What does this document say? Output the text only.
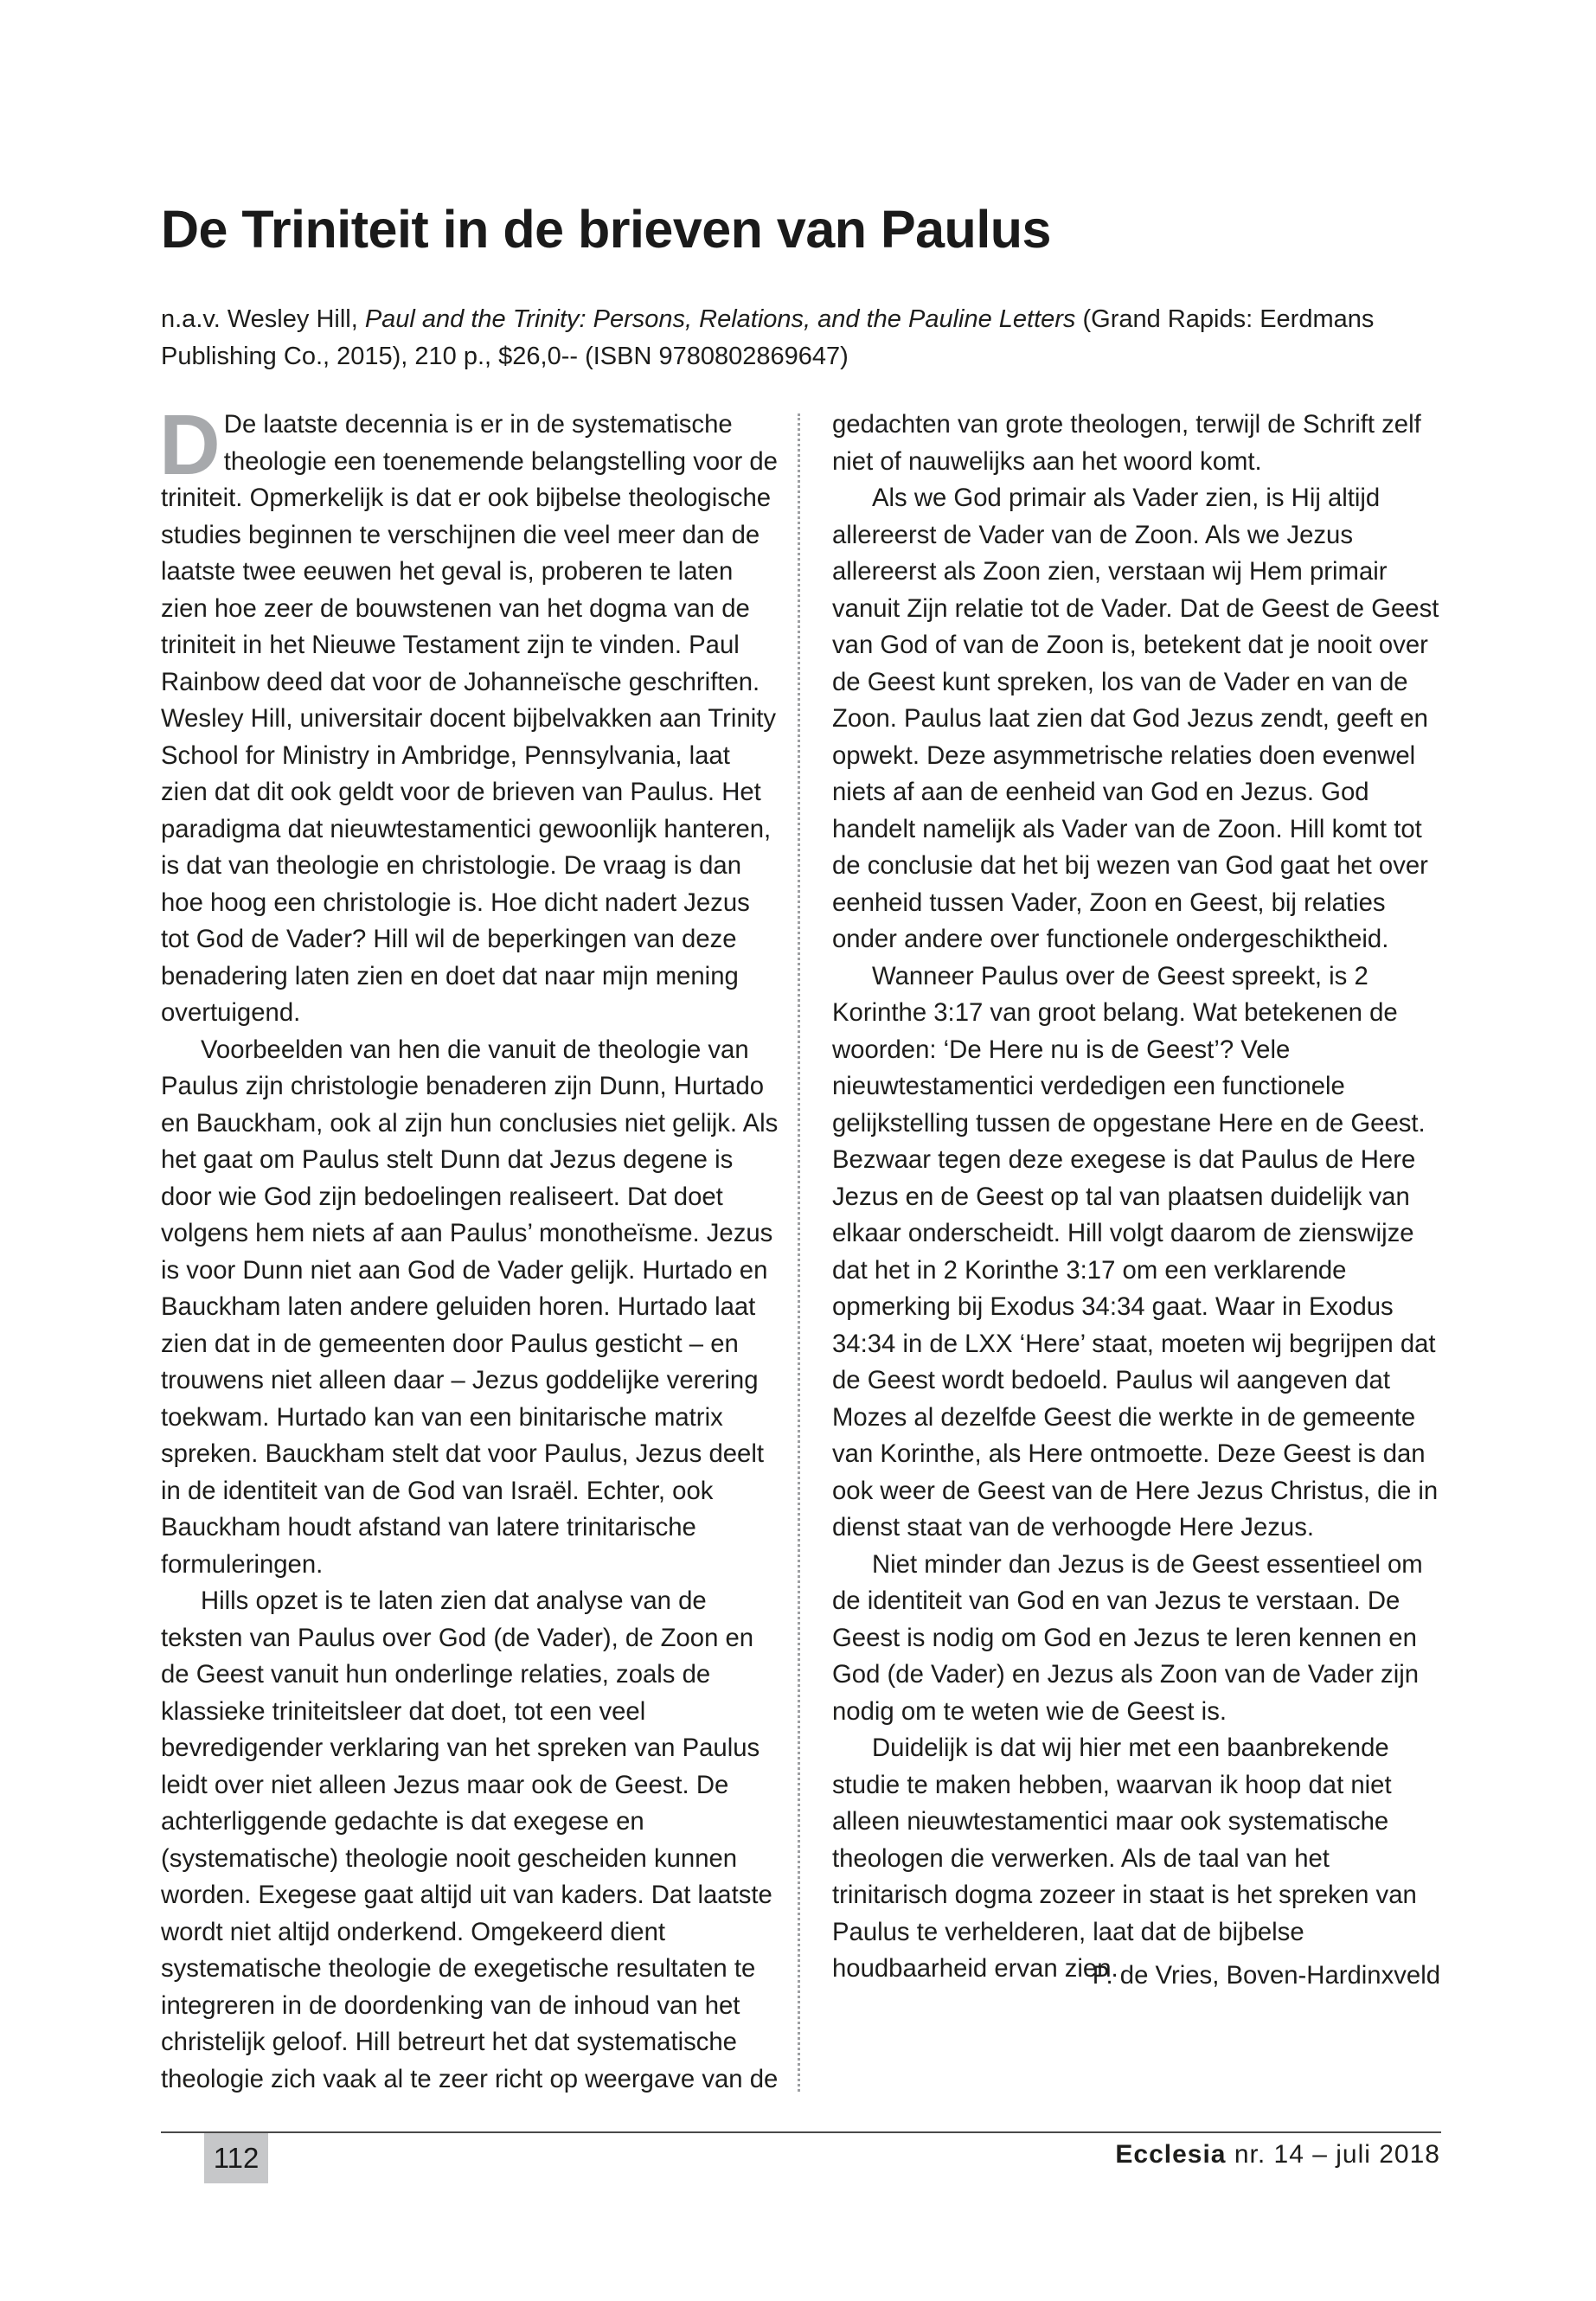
De Triniteit in de brieven van Paulus
n.a.v. Wesley Hill, Paul and the Trinity: Persons, Relations, and the Pauline Letters (Grand Rapids: Eerdmans Publishing Co., 2015), 210 p., $26,0-- (ISBN 9780802869647)
D De laatste decennia is er in de systematische theologie een toenemende belangstelling voor de triniteit. Opmerkelijk is dat er ook bijbelse theologische studies beginnen te verschijnen die veel meer dan de laatste twee eeuwen het geval is, proberen te laten zien hoe zeer de bouwstenen van het dogma van de triniteit in het Nieuwe Testament zijn te vinden. Paul Rainbow deed dat voor de Johanneïsche geschriften. Wesley Hill, universitair docent bijbelvakken aan Trinity School for Ministry in Ambridge, Pennsylvania, laat zien dat dit ook geldt voor de brieven van Paulus. Het paradigma dat nieuwtestamentici gewoonlijk hanteren, is dat van theologie en christologie. De vraag is dan hoe hoog een christologie is. Hoe dicht nadert Jezus tot God de Vader? Hill wil de beperkingen van deze benadering laten zien en doet dat naar mijn mening overtuigend.

Voorbeelden van hen die vanuit de theologie van Paulus zijn christologie benaderen zijn Dunn, Hurtado en Bauckham, ook al zijn hun conclusies niet gelijk. Als het gaat om Paulus stelt Dunn dat Jezus degene is door wie God zijn bedoelingen realiseert. Dat doet volgens hem niets af aan Paulus’ monotheïsme. Jezus is voor Dunn niet aan God de Vader gelijk. Hurtado en Bauckham laten andere geluiden horen. Hurtado laat zien dat in de gemeenten door Paulus gesticht – en trouwens niet alleen daar – Jezus goddelijke verering toekwam. Hurtado kan van een binitarische matrix spreken. Bauckham stelt dat voor Paulus, Jezus deelt in de identiteit van de God van Israël. Echter, ook Bauckham houdt afstand van latere trinitarische formuleringen.

Hills opzet is te laten zien dat analyse van de teksten van Paulus over God (de Vader), de Zoon en de Geest vanuit hun onderlinge relaties, zoals de klassieke triniteitsleer dat doet, tot een veel bevredigender verklaring van het spreken van Paulus leidt over niet alleen Jezus maar ook de Geest. De achterliggende gedachte is dat exegese en (systematische) theologie nooit gescheiden kunnen worden. Exegese gaat altijd uit van kaders. Dat laatste wordt niet altijd onderkend. Omgekeerd dient systematische theologie de exegetische resultaten te integreren in de doordenking van de inhoud van het christelijk geloof. Hill betreurt het dat systematische theologie zich vaak al te zeer richt op weergave van de

gedachten van grote theologen, terwijl de Schrift zelf niet of nauwelijks aan het woord komt.

Als we God primair als Vader zien, is Hij altijd allereerst de Vader van de Zoon. Als we Jezus allereerst als Zoon zien, verstaan wij Hem primair vanuit Zijn relatie tot de Vader. Dat de Geest de Geest van God of van de Zoon is, betekent dat je nooit over de Geest kunt spreken, los van de Vader en van de Zoon. Paulus laat zien dat God Jezus zendt, geeft en opwekt. Deze asymmetrische relaties doen evenwel niets af aan de eenheid van God en Jezus. God handelt namelijk als Vader van de Zoon. Hill komt tot de conclusie dat het bij wezen van God gaat het over eenheid tussen Vader, Zoon en Geest, bij relaties onder andere over functionele ondergeschiktheid.

Wanneer Paulus over de Geest spreekt, is 2 Korinthe 3:17 van groot belang. Wat betekenen de woorden: ‘De Here nu is de Geest’? Vele nieuwtestamentici verdedigen een functionele gelijkstelling tussen de opgestane Here en de Geest. Bezwaar tegen deze exegese is dat Paulus de Here Jezus en de Geest op tal van plaatsen duidelijk van elkaar onderscheidt. Hill volgt daarom de zienswijze dat het in 2 Korinthe 3:17 om een verklarende opmerking bij Exodus 34:34 gaat. Waar in Exodus 34:34 in de LXX ‘Here’ staat, moeten wij begrijpen dat de Geest wordt bedoeld. Paulus wil aangeven dat Mozes al dezelfde Geest die werkte in de gemeente van Korinthe, als Here ontmoette. Deze Geest is dan ook weer de Geest van de Here Jezus Christus, die in dienst staat van de verhoogde Here Jezus.

Niet minder dan Jezus is de Geest essentieel om de identiteit van God en van Jezus te verstaan. De Geest is nodig om God en Jezus te leren kennen en God (de Vader) en Jezus als Zoon van de Vader zijn nodig om te weten wie de Geest is.

Duidelijk is dat wij hier met een baanbrekende studie te maken hebben, waarvan ik hoop dat niet alleen nieuwtestamentici maar ook systematische theologen die verwerken. Als de taal van het trinitarisch dogma zozeer in staat is het spreken van Paulus te verhelderen, laat dat de bijbelse houdbaarheid ervan zien.

P. de Vries, Boven-Hardinxveld
112	Ecclesia nr. 14 – juli 2018
